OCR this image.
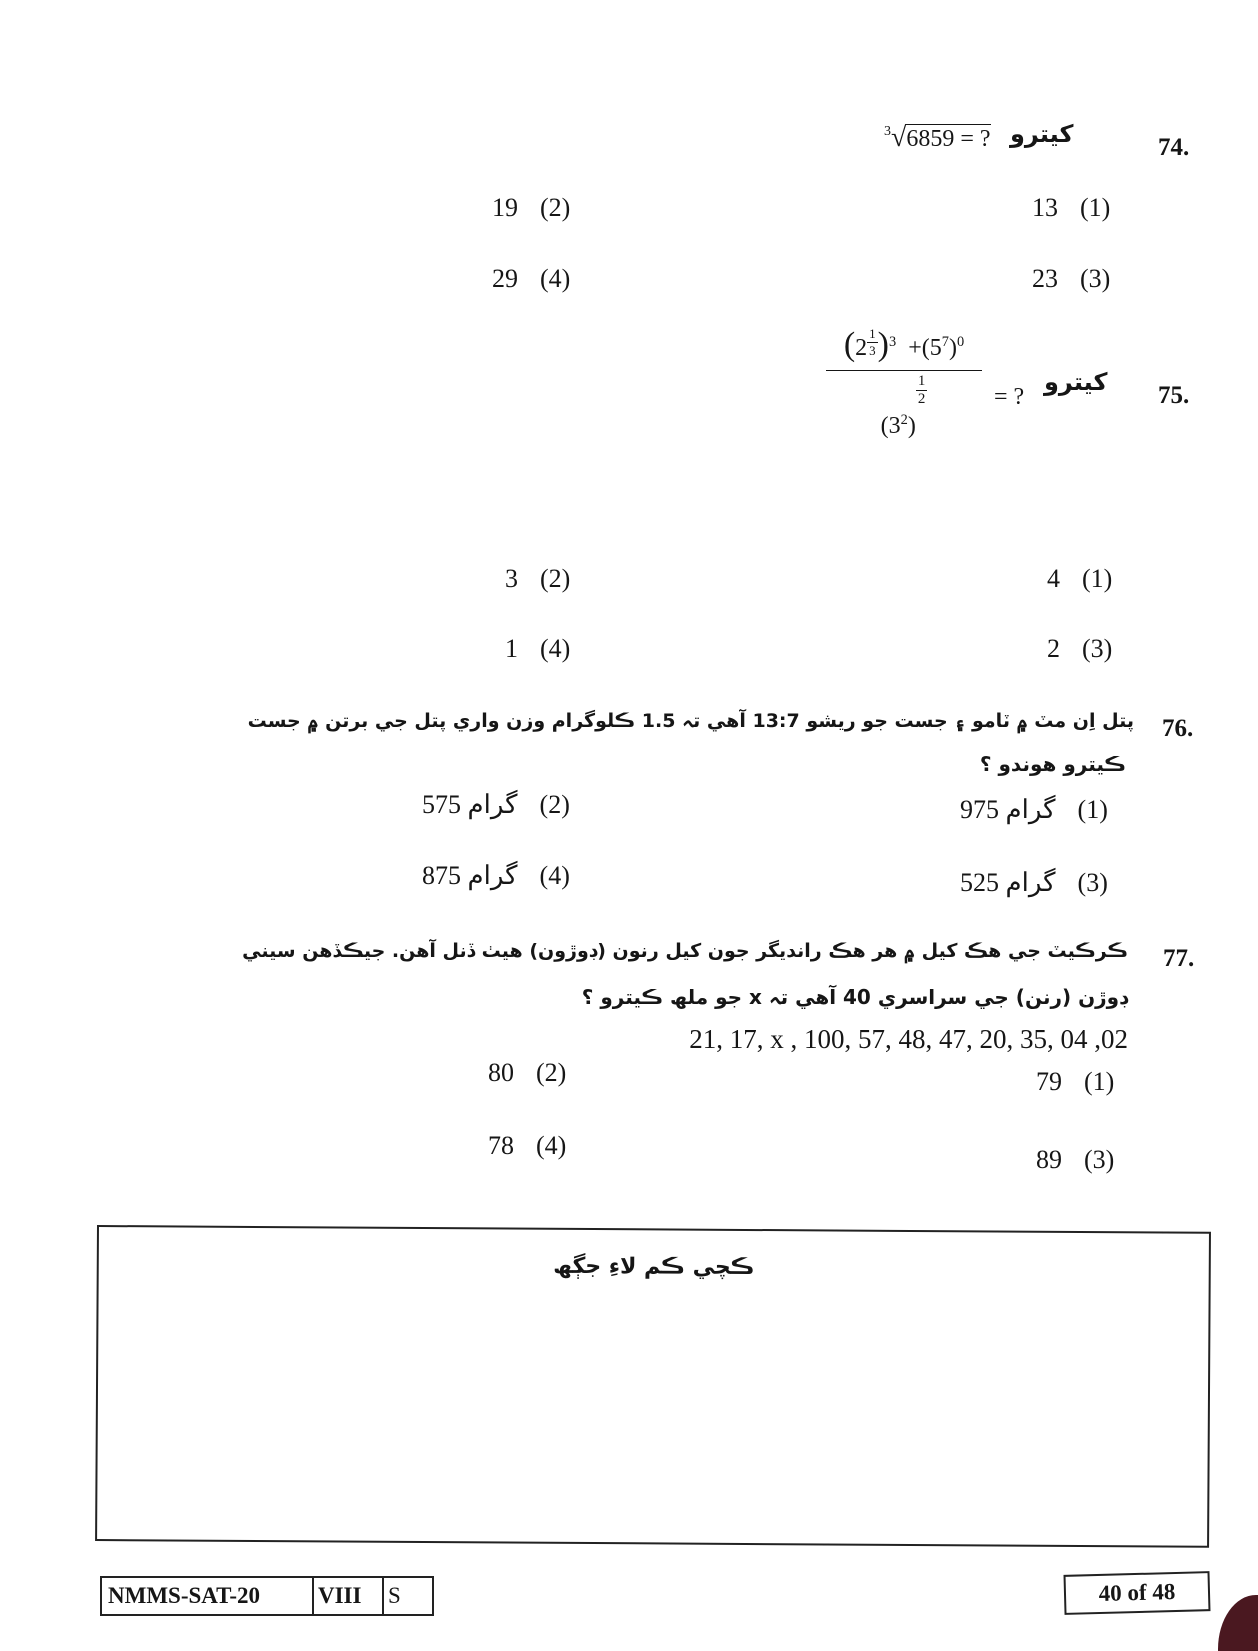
74.
كيترو
$^3$√6859 = ?
19 (2)	13 (1)
29 (4)	23 (3)
75.
كيترو
= ?
(2 $^{\frac{1}{3}}$ )$^3 +(5^7)^0$
$(3^2)$
$^{\frac{1}{2}}$
3 (2)	4 (1)
1 (4)	2 (3)
76.
پتل اِن مٽ ۾ ٽامو ۽ جست جو ريشو 13:7 آهي تہ 1.5 ڪلوگرام وزن واري پتل جي برتن ۾ جست
ڪيترو هوندو ؟
575 گرام (2)	975 گرام (1)
875 گرام (4)	525 گرام (3)
77.
ڪرڪيٽ جي هڪ کيل ۾ هر هڪ رانديگر جون کيل رنون (ڊوڙون) هيٺ ڏنل آهن. جيڪڏهن سيني
ڊوڙن (رنن) جي سراسري 40 آهي تہ x جو ملھ ڪيترو ؟
21, 17, x , 100, 57, 48, 47, 20, 35, 04 ,02
80 (2)	79 (1)
78 (4)	89 (3)
ڪچي ڪم لاءِ جڳھ
NMMS-SAT-20	VIII	S	40 of 48
